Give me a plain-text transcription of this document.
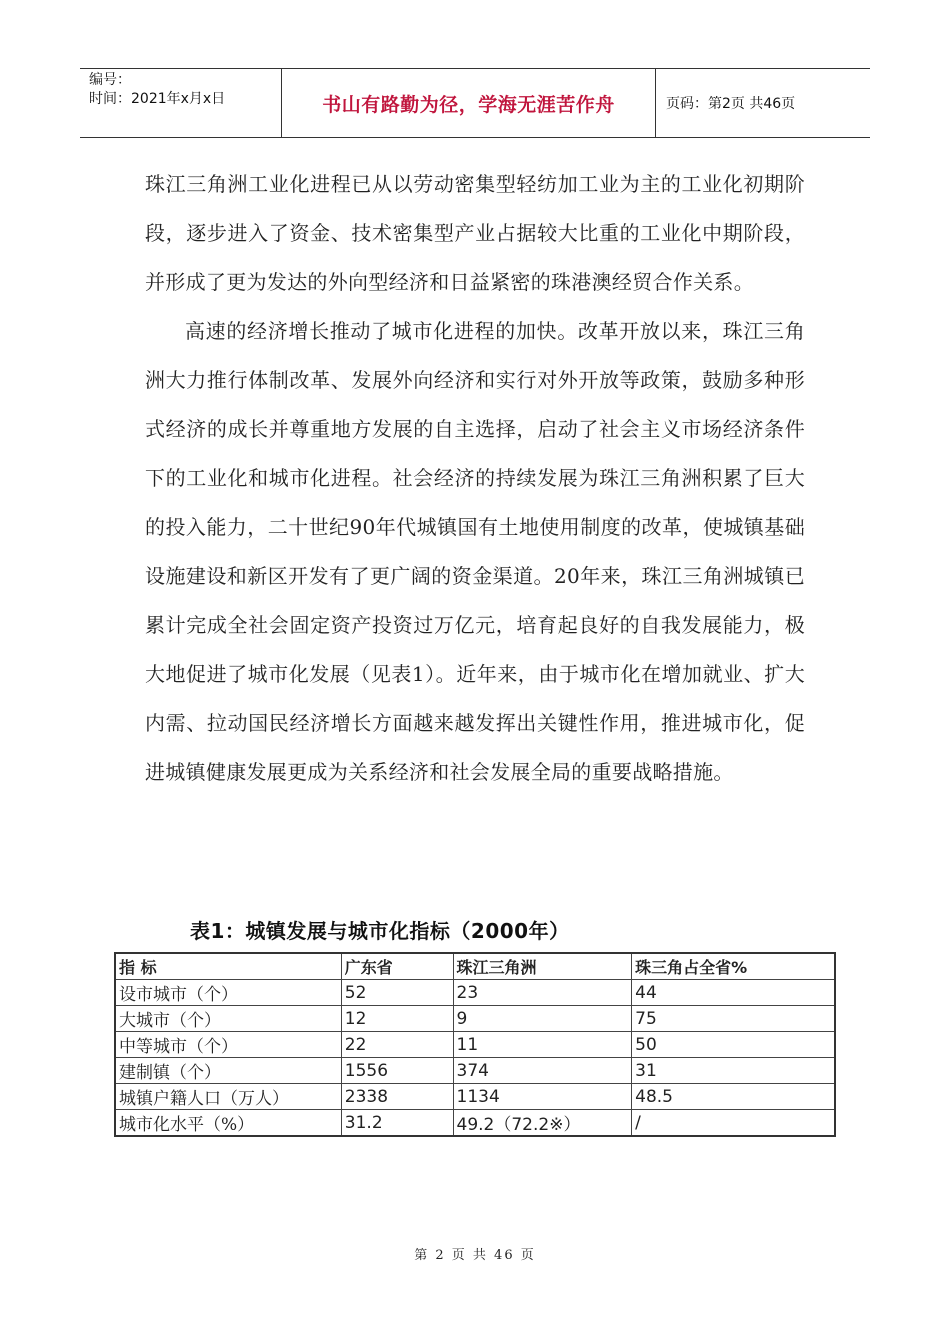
编号：
时间：2021年x月x日	书山有路勤为径，学海无涯苦作舟	页码：第2页 共46页

珠江三角洲工业化进程已从以劳动密集型轻纺加工业为主的工业化初期阶段，逐步进入了资金、技术密集型产业占据较大比重的工业化中期阶段，并形成了更为发达的外向型经济和日益紧密的珠港澳经贸合作关系。

高速的经济增长推动了城市化进程的加快。改革开放以来，珠江三角洲大力推行体制改革、发展外向经济和实行对外开放等政策，鼓励多种形式经济的成长并尊重地方发展的自主选择，启动了社会主义市场经济条件下的工业化和城市化进程。社会经济的持续发展为珠江三角洲积累了巨大的投入能力，二十世纪90年代城镇国有土地使用制度的改革，使城镇基础设施建设和新区开发有了更广阔的资金渠道。20年来，珠江三角洲城镇已累计完成全社会固定资产投资过万亿元，培育起良好的自我发展能力，极大地促进了城市化发展（见表1）。近年来，由于城市化在增加就业、扩大内需、拉动国民经济增长方面越来越发挥出关键性作用，推进城市化，促进城镇健康发展更成为关系经济和社会发展全局的重要战略措施。

表1：城镇发展与城市化指标（2000年）
指 标	广东省	珠江三角洲	珠三角占全省%
设市城市（个）	52	23	44
大城市（个）	12	9	75
中等城市（个）	22	11	50
建制镇（个）	1556	374	31
城镇户籍人口（万人）	2338	1134	48.5
城市化水平（%）	31.2	49.2（72.2※）	/
第 2 页 共 46 页
